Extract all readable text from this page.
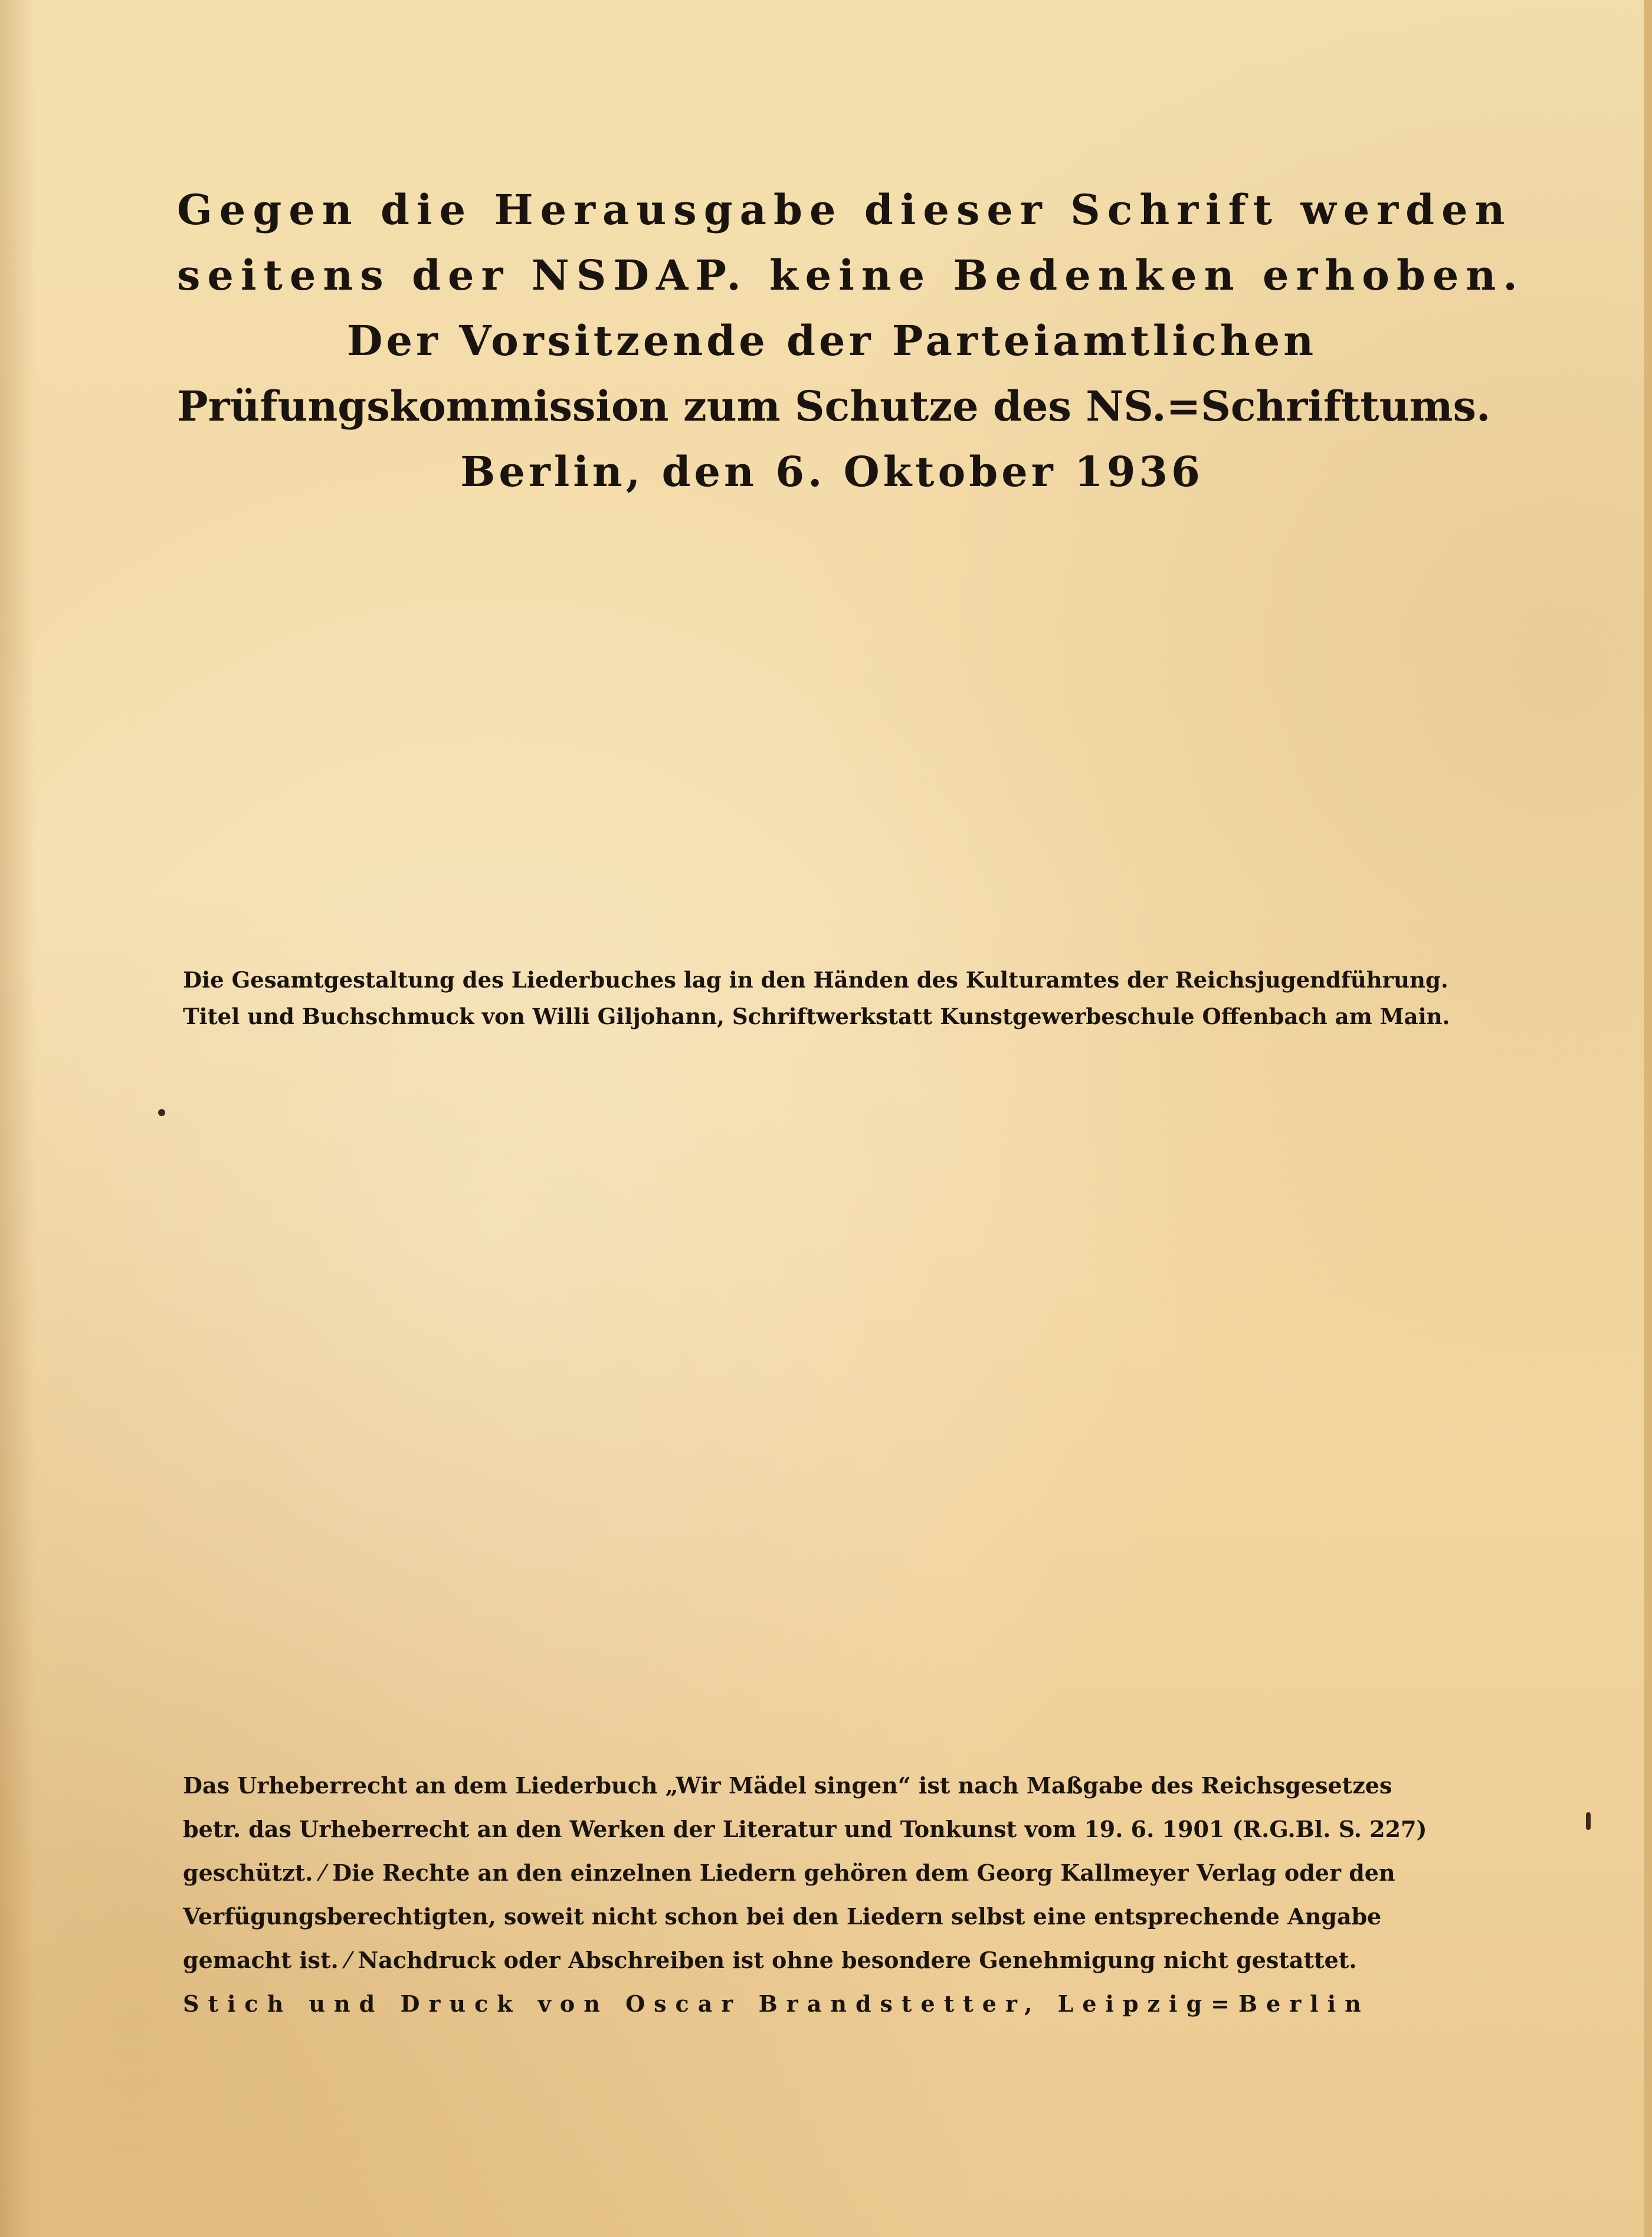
Gegen die Herausgabe dieser Schrift werden
seitens der NSDAP. keine Bedenken erhoben.
Der Vorsitzende der Parteiamtlichen
Prüfungskommission zum Schutze des NS.=Schrifttums.
Berlin, den 6. Oktober 1936
Die Gesamtgestaltung des Liederbuches lag in den Händen des Kulturamtes der Reichsjugendführung.
Titel und Buchschmuck von Willi Giljohann, Schriftwerkstatt Kunstgewerbeschule Offenbach am Main.
Das Urheberrecht an dem Liederbuch „Wir Mädel singen“ ist nach Maßgabe des Reichsgesetzes
betr. das Urheberrecht an den Werken der Literatur und Tonkunst vom 19. 6. 1901 (R.G.Bl. S. 227)
geschützt. ⁄ Die Rechte an den einzelnen Liedern gehören dem Georg Kallmeyer Verlag oder den
Verfügungsberechtigten, soweit nicht schon bei den Liedern selbst eine entsprechende Angabe
gemacht ist. ⁄ Nachdruck oder Abschreiben ist ohne besondere Genehmigung nicht gestattet.
Stich und Druck von Oscar Brandstetter, Leipzig=Berlin
